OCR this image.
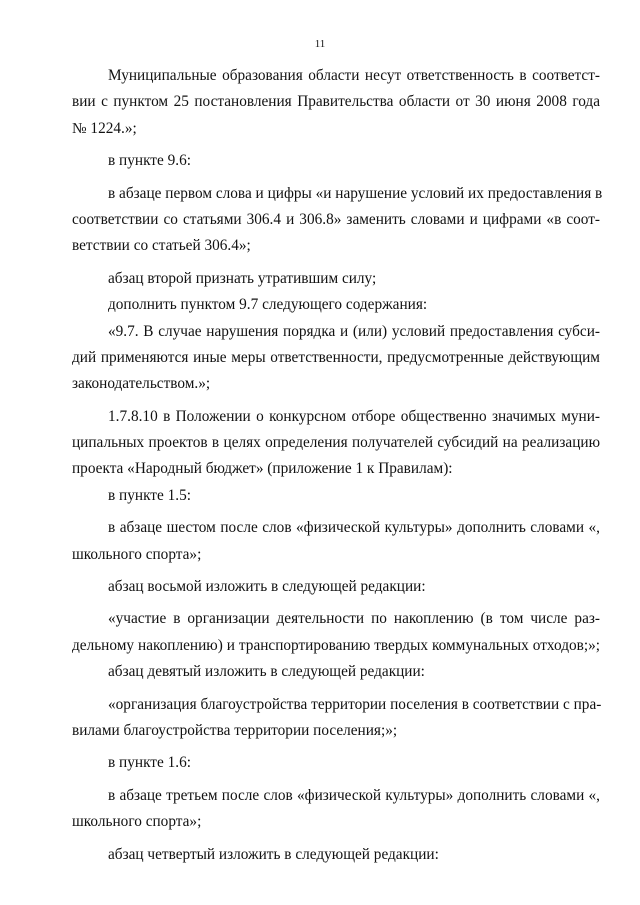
11
Муниципальные образования области несут ответственность в соответст-
вии с пунктом 25 постановления Правительства области от 30 июня 2008 года
№ 1224.»;
в пункте 9.6:
в абзаце первом слова и цифры «и нарушение условий их предоставления в
соответствии со статьями 306.4 и 306.8» заменить словами и цифрами «в соот-
ветствии со статьей 306.4»;
абзац второй признать утратившим силу;
дополнить пунктом 9.7 следующего содержания:
«9.7. В случае нарушения порядка и (или) условий предоставления субси-
дий применяются иные меры ответственности, предусмотренные действующим
законодательством.»;
1.7.8.10 в Положении о конкурсном отборе общественно значимых муни-
ципальных проектов в целях определения получателей субсидий на реализацию
проекта «Народный бюджет» (приложение 1 к Правилам):
в пункте 1.5:
в абзаце шестом после слов «физической культуры» дополнить словами «,
школьного спорта»;
абзац восьмой изложить в следующей редакции:
«участие в организации деятельности по накоплению (в том числе раз-
дельному накоплению) и транспортированию твердых коммунальных отходов;»;
абзац девятый изложить в следующей редакции:
«организация благоустройства территории поселения в соответствии с пра-
вилами благоустройства территории поселения;»;
в пункте 1.6:
в абзаце третьем после слов «физической культуры» дополнить словами «,
школьного спорта»;
абзац четвертый изложить в следующей редакции:
